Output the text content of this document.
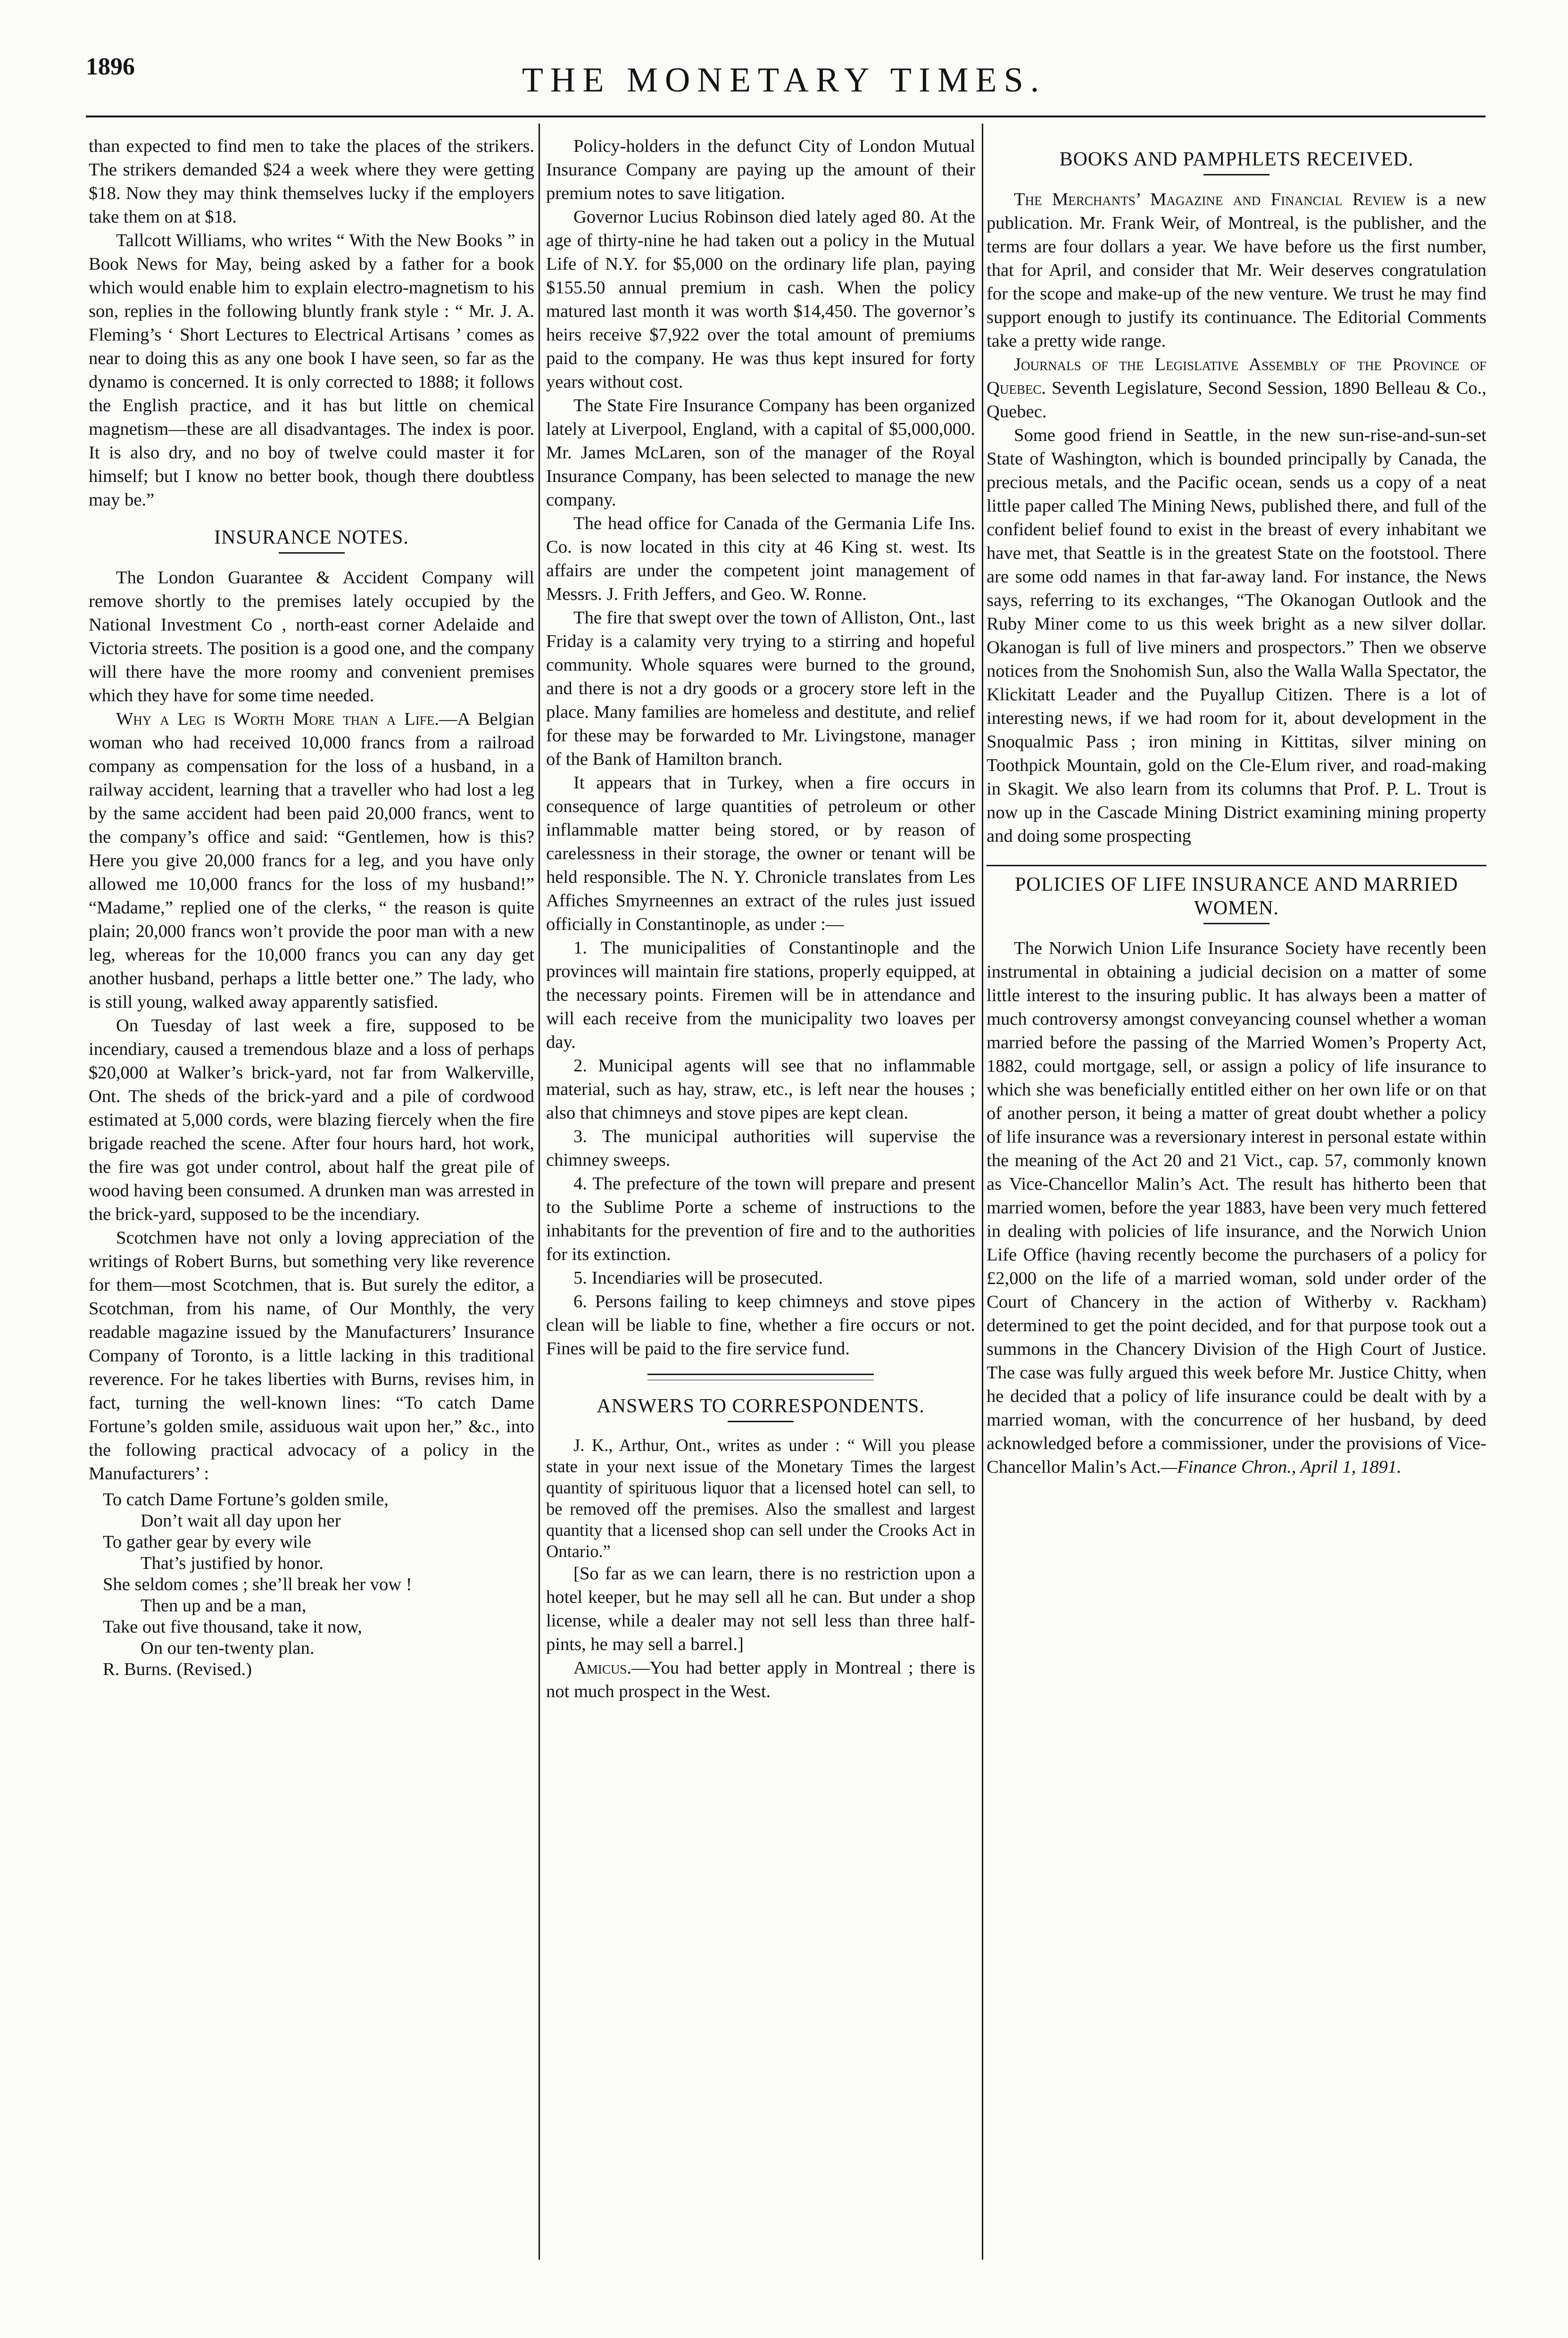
1896	THE MONETARY TIMES.

than expected to find men to take the places of the strikers. The strikers demanded $24 a week where they were getting $18. Now they may think themselves lucky if the employers take them on at $18.

Tallcott Williams, who writes “ With the New Books ” in Book News for May, being asked by a father for a book which would enable him to explain electro-magnetism to his son, replies in the following bluntly frank style : “ Mr. J. A. Fleming’s ‘ Short Lectures to Electrical Artisans ’ comes as near to doing this as any one book I have seen, so far as the dynamo is concerned. It is only corrected to 1888; it follows the English practice, and it has but little on chemical magnetism—these are all disadvantages. The index is poor. It is also dry, and no boy of twelve could master it for himself; but I know no better book, though there doubtless may be.”

INSURANCE NOTES.

The London Guarantee & Accident Company will remove shortly to the premises lately occupied by the National Investment Co , north-east corner Adelaide and Victoria streets. The position is a good one, and the company will there have the more roomy and convenient premises which they have for some time needed.

Why a Leg is Worth More than a Life.—A Belgian woman who had received 10,000 francs from a railroad company as compensation for the loss of a husband, in a railway accident, learning that a traveller who had lost a leg by the same accident had been paid 20,000 francs, went to the company’s office and said: “Gentlemen, how is this? Here you give 20,000 francs for a leg, and you have only allowed me 10,000 francs for the loss of my husband!” “Madame,” replied one of the clerks, “ the reason is quite plain; 20,000 francs won’t provide the poor man with a new leg, whereas for the 10,000 francs you can any day get another husband, perhaps a little better one.” The lady, who is still young, walked away apparently satisfied.

On Tuesday of last week a fire, supposed to be incendiary, caused a tremendous blaze and a loss of perhaps $20,000 at Walker’s brick-yard, not far from Walkerville, Ont. The sheds of the brick-yard and a pile of cordwood estimated at 5,000 cords, were blazing fiercely when the fire brigade reached the scene. After four hours hard, hot work, the fire was got under control, about half the great pile of wood having been consumed. A drunken man was arrested in the brick-yard, supposed to be the incendiary.

Scotchmen have not only a loving appreciation of the writings of Robert Burns, but something very like reverence for them—most Scotchmen, that is. But surely the editor, a Scotchman, from his name, of Our Monthly, the very readable magazine issued by the Manufacturers’ Insurance Company of Toronto, is a little lacking in this traditional reverence. For he takes liberties with Burns, revises him, in fact, turning the well-known lines: “To catch Dame Fortune’s golden smile, assiduous wait upon her,” &c., into the following practical advocacy of a policy in the Manufacturers’ :

To catch Dame Fortune’s golden smile,
Don’t wait all day upon her
To gather gear by every wile
That’s justified by honor.
She seldom comes ; she’ll break her vow !
Then up and be a man,
Take out five thousand, take it now,
On our ten-twenty plan.
R. Burns. (Revised.)

Policy-holders in the defunct City of London Mutual Insurance Company are paying up the amount of their premium notes to save litigation.

Governor Lucius Robinson died lately aged 80. At the age of thirty-nine he had taken out a policy in the Mutual Life of N.Y. for $5,000 on the ordinary life plan, paying $155.50 annual premium in cash. When the policy matured last month it was worth $14,450. The governor’s heirs receive $7,922 over the total amount of premiums paid to the company. He was thus kept insured for forty years without cost.

The State Fire Insurance Company has been organized lately at Liverpool, England, with a capital of $5,000,000. Mr. James McLaren, son of the manager of the Royal Insurance Company, has been selected to manage the new company.

The head office for Canada of the Germania Life Ins. Co. is now located in this city at 46 King st. west. Its affairs are under the competent joint management of Messrs. J. Frith Jeffers, and Geo. W. Ronne.

The fire that swept over the town of Alliston, Ont., last Friday is a calamity very trying to a stirring and hopeful community. Whole squares were burned to the ground, and there is not a dry goods or a grocery store left in the place. Many families are homeless and destitute, and relief for these may be forwarded to Mr. Livingstone, manager of the Bank of Hamilton branch.

It appears that in Turkey, when a fire occurs in consequence of large quantities of petroleum or other inflammable matter being stored, or by reason of carelessness in their storage, the owner or tenant will be held responsible. The N. Y. Chronicle translates from Les Affiches Smyrneennes an extract of the rules just issued officially in Constantinople, as under :—

1. The municipalities of Constantinople and the provinces will maintain fire stations, properly equipped, at the necessary points. Firemen will be in attendance and will each receive from the municipality two loaves per day.

2. Municipal agents will see that no inflammable material, such as hay, straw, etc., is left near the houses ; also that chimneys and stove pipes are kept clean.

3. The municipal authorities will supervise the chimney sweeps.

4. The prefecture of the town will prepare and present to the Sublime Porte a scheme of instructions to the inhabitants for the prevention of fire and to the authorities for its extinction.

5. Incendiaries will be prosecuted.

6. Persons failing to keep chimneys and stove pipes clean will be liable to fine, whether a fire occurs or not. Fines will be paid to the fire service fund.

ANSWERS TO CORRESPONDENTS.

J. K., Arthur, Ont., writes as under : “ Will you please state in your next issue of the Monetary Times the largest quantity of spirituous liquor that a licensed hotel can sell, to be removed off the premises. Also the smallest and largest quantity that a licensed shop can sell under the Crooks Act in Ontario.”

[So far as we can learn, there is no restriction upon a hotel keeper, but he may sell all he can. But under a shop license, while a dealer may not sell less than three half-pints, he may sell a barrel.]

Amicus.—You had better apply in Montreal ; there is not much prospect in the West.

BOOKS AND PAMPHLETS RECEIVED.

The Merchants’ Magazine and Financial Review is a new publication. Mr. Frank Weir, of Montreal, is the publisher, and the terms are four dollars a year. We have before us the first number, that for April, and consider that Mr. Weir deserves congratulation for the scope and make-up of the new venture. We trust he may find support enough to justify its continuance. The Editorial Comments take a pretty wide range.

Journals of the Legislative Assembly of the Province of Quebec. Seventh Legislature, Second Session, 1890 Belleau & Co., Quebec.

Some good friend in Seattle, in the new sun-rise-and-sun-set State of Washington, which is bounded principally by Canada, the precious metals, and the Pacific ocean, sends us a copy of a neat little paper called The Mining News, published there, and full of the confident belief found to exist in the breast of every inhabitant we have met, that Seattle is in the greatest State on the footstool. There are some odd names in that far-away land. For instance, the News says, referring to its exchanges, “The Okanogan Outlook and the Ruby Miner come to us this week bright as a new silver dollar. Okanogan is full of live miners and prospectors.” Then we observe notices from the Snohomish Sun, also the Walla Walla Spectator, the Klickitatt Leader and the Puyallup Citizen. There is a lot of interesting news, if we had room for it, about development in the Snoqualmic Pass ; iron mining in Kittitas, silver mining on Toothpick Mountain, gold on the Cle-Elum river, and road-making in Skagit. We also learn from its columns that Prof. P. L. Trout is now up in the Cascade Mining District examining mining property and doing some prospecting

POLICIES OF LIFE INSURANCE AND MARRIED WOMEN.

The Norwich Union Life Insurance Society have recently been instrumental in obtaining a judicial decision on a matter of some little interest to the insuring public. It has always been a matter of much controversy amongst conveyancing counsel whether a woman married before the passing of the Married Women’s Property Act, 1882, could mortgage, sell, or assign a policy of life insurance to which she was beneficially entitled either on her own life or on that of another person, it being a matter of great doubt whether a policy of life insurance was a reversionary interest in personal estate within the meaning of the Act 20 and 21 Vict., cap. 57, commonly known as Vice-Chancellor Malin’s Act. The result has hitherto been that married women, before the year 1883, have been very much fettered in dealing with policies of life insurance, and the Norwich Union Life Office (having recently become the purchasers of a policy for £2,000 on the life of a married woman, sold under order of the Court of Chancery in the action of Witherby v. Rackham) determined to get the point decided, and for that purpose took out a summons in the Chancery Division of the High Court of Justice. The case was fully argued this week before Mr. Justice Chitty, when he decided that a policy of life insurance could be dealt with by a married woman, with the concurrence of her husband, by deed acknowledged before a commissioner, under the provisions of Vice-Chancellor Malin’s Act.—Finance Chron., April 1, 1891.
